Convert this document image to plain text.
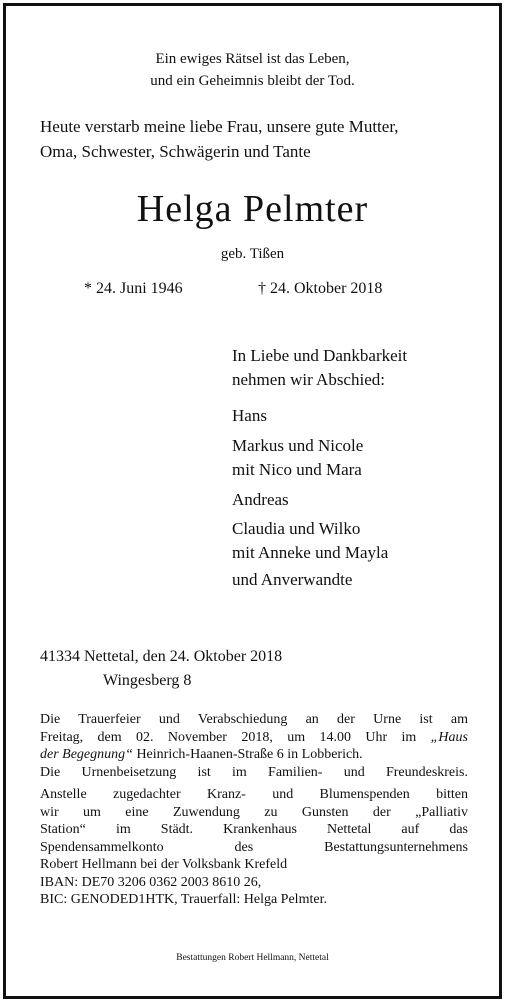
Ein ewiges Rätsel ist das Leben,
und ein Geheimnis bleibt der Tod.
Heute verstarb meine liebe Frau, unsere gute Mutter,
Oma, Schwester, Schwägerin und Tante
Helga Pelmter
geb. Tißen
* 24. Juni 1946	† 24. Oktober 2018
In Liebe und Dankbarkeit
nehmen wir Abschied:
Hans
Markus und Nicole
mit Nico und Mara
Andreas
Claudia und Wilko
mit Anneke und Mayla
und Anverwandte
41334 Nettetal, den 24. Oktober 2018
Wingesberg 8
Die Trauerfeier und Verabschiedung an der Urne ist am
Freitag, dem 02. November 2018, um 14.00 Uhr im „Haus
der Begegnung“ Heinrich-Haanen-Straße 6 in Lobberich.
Die Urnenbeisetzung ist im Familien- und Freundeskreis.
Anstelle zugedachter Kranz- und Blumenspenden bitten
wir um eine Zuwendung zu Gunsten der „Palliativ
Station“ im Städt. Krankenhaus Nettetal auf das
Spendensammelkonto des Bestattungsunternehmens
Robert Hellmann bei der Volksbank Krefeld
IBAN: DE70 3206 0362 2003 8610 26,
BIC: GENODED1HTK, Trauerfall: Helga Pelmter.
Bestattungen Robert Hellmann, Nettetal
